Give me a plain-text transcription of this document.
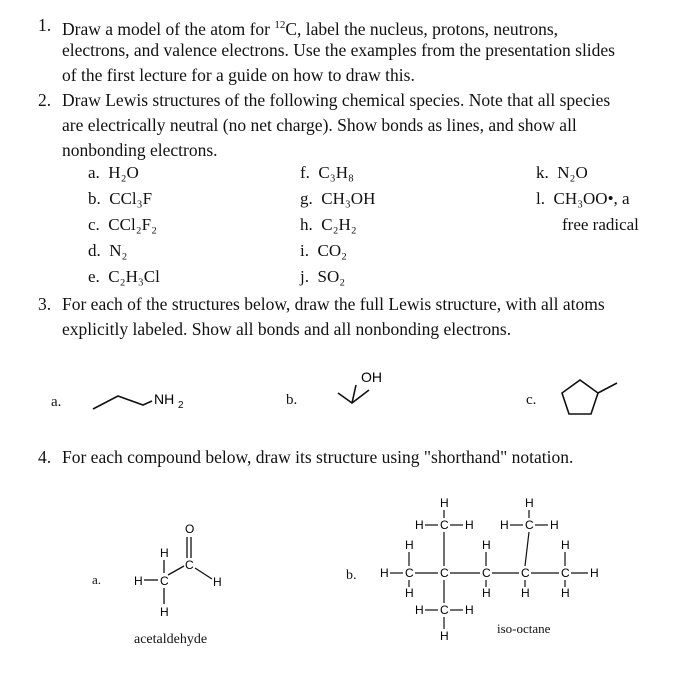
1. Draw a model of the atom for $^{12}$C, label the nucleus, protons, neutrons,
electrons, and valence electrons. Use the examples from the presentation slides
of the first lecture for a guide on how to draw this.
2. Draw Lewis structures of the following chemical species. Note that all species
are electrically neutral (no net charge). Show bonds as lines, and show all
nonbonding electrons.
a. H₂O
b. CCl₃F
c. CCl₂F₂
d. N₂
e. C₂H₃Cl
f. C₃H₈
g. CH₃OH
h. C₂H₂
i. CO₂
j. SO₂
k. N₂O
l. CH₃OO•, a
free radical
3. For each of the structures below, draw the full Lewis structure, with all atoms
explicitly labeled. Show all bonds and all nonbonding electrons.
a.	NH 2	b.
OH
c.
4. For each compound below, draw its structure using "shorthand" notation.
a.	H C
H
H
C
O
H
acetaldehyde
b.
H
H C H
H
H C H
H	H	H
H C C	C	C	C H
H	H	H	H
H C H
H	iso-octane
